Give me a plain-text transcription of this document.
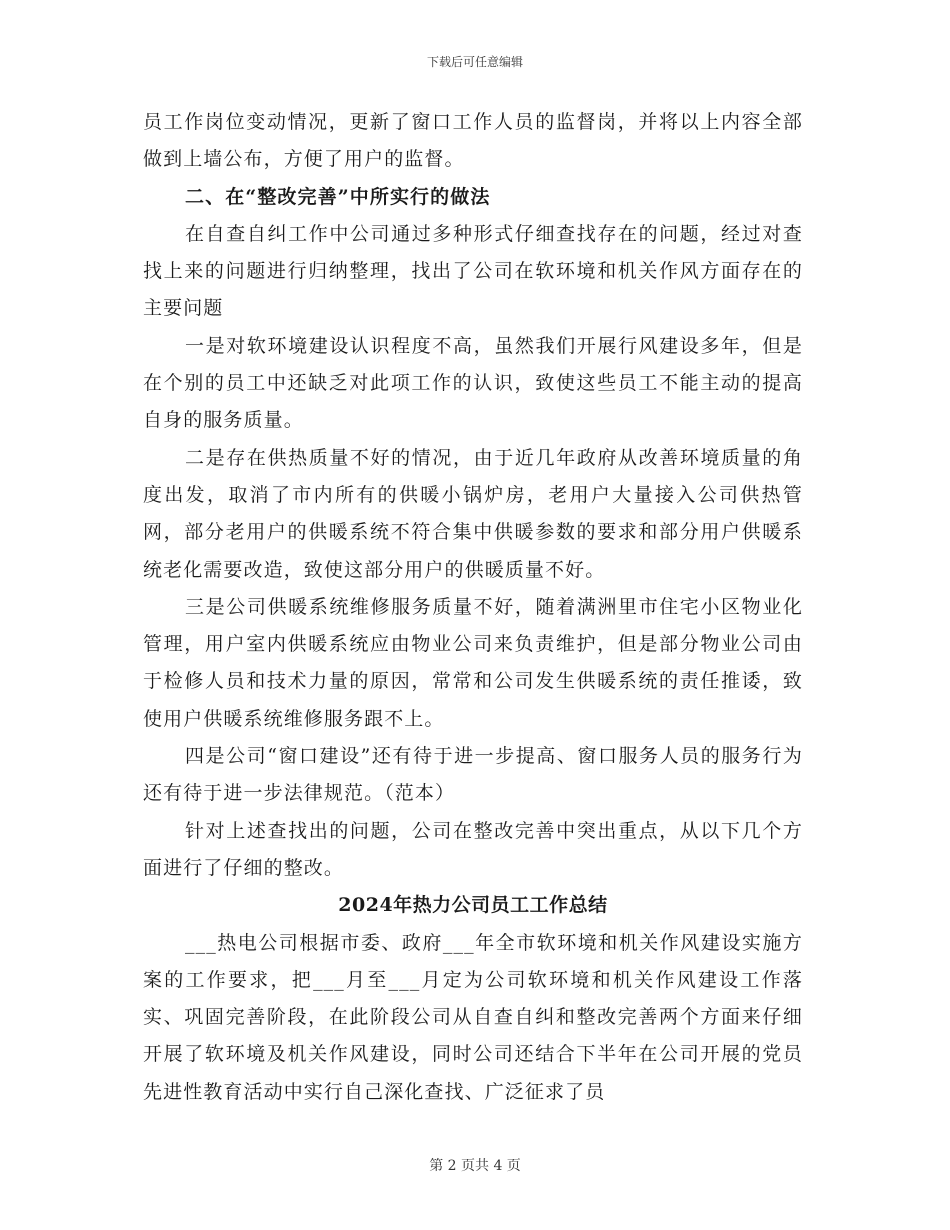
下载后可任意编辑

员工作岗位变动情况，更新了窗口工作人员的监督岗，并将以上内容全部做到上墙公布，方便了用户的监督。

二、在“整改完善”中所实行的做法

在自查自纠工作中公司通过多种形式仔细查找存在的问题，经过对查找上来的问题进行归纳整理，找出了公司在软环境和机关作风方面存在的主要问题

一是对软环境建设认识程度不高，虽然我们开展行风建设多年，但是在个别的员工中还缺乏对此项工作的认识，致使这些员工不能主动的提高自身的服务质量。

二是存在供热质量不好的情况，由于近几年政府从改善环境质量的角度出发，取消了市内所有的供暖小锅炉房，老用户大量接入公司供热管网，部分老用户的供暖系统不符合集中供暖参数的要求和部分用户供暖系统老化需要改造，致使这部分用户的供暖质量不好。

三是公司供暖系统维修服务质量不好，随着满洲里市住宅小区物业化管理，用户室内供暖系统应由物业公司来负责维护，但是部分物业公司由于检修人员和技术力量的原因，常常和公司发生供暖系统的责任推诿，致使用户供暖系统维修服务跟不上。

四是公司“窗口建设”还有待于进一步提高、窗口服务人员的服务行为还有待于进一步法律规范。（范本）

针对上述查找出的问题，公司在整改完善中突出重点，从以下几个方面进行了仔细的整改。

2024年热力公司员工工作总结

___热电公司根据市委、政府___年全市软环境和机关作风建设实施方案的工作要求，把___月至___月定为公司软环境和机关作风建设工作落实、巩固完善阶段，在此阶段公司从自查自纠和整改完善两个方面来仔细开展了软环境及机关作风建设，同时公司还结合下半年在公司开展的党员先进性教育活动中实行自己深化查找、广泛征求了员

第 2 页共 4 页
